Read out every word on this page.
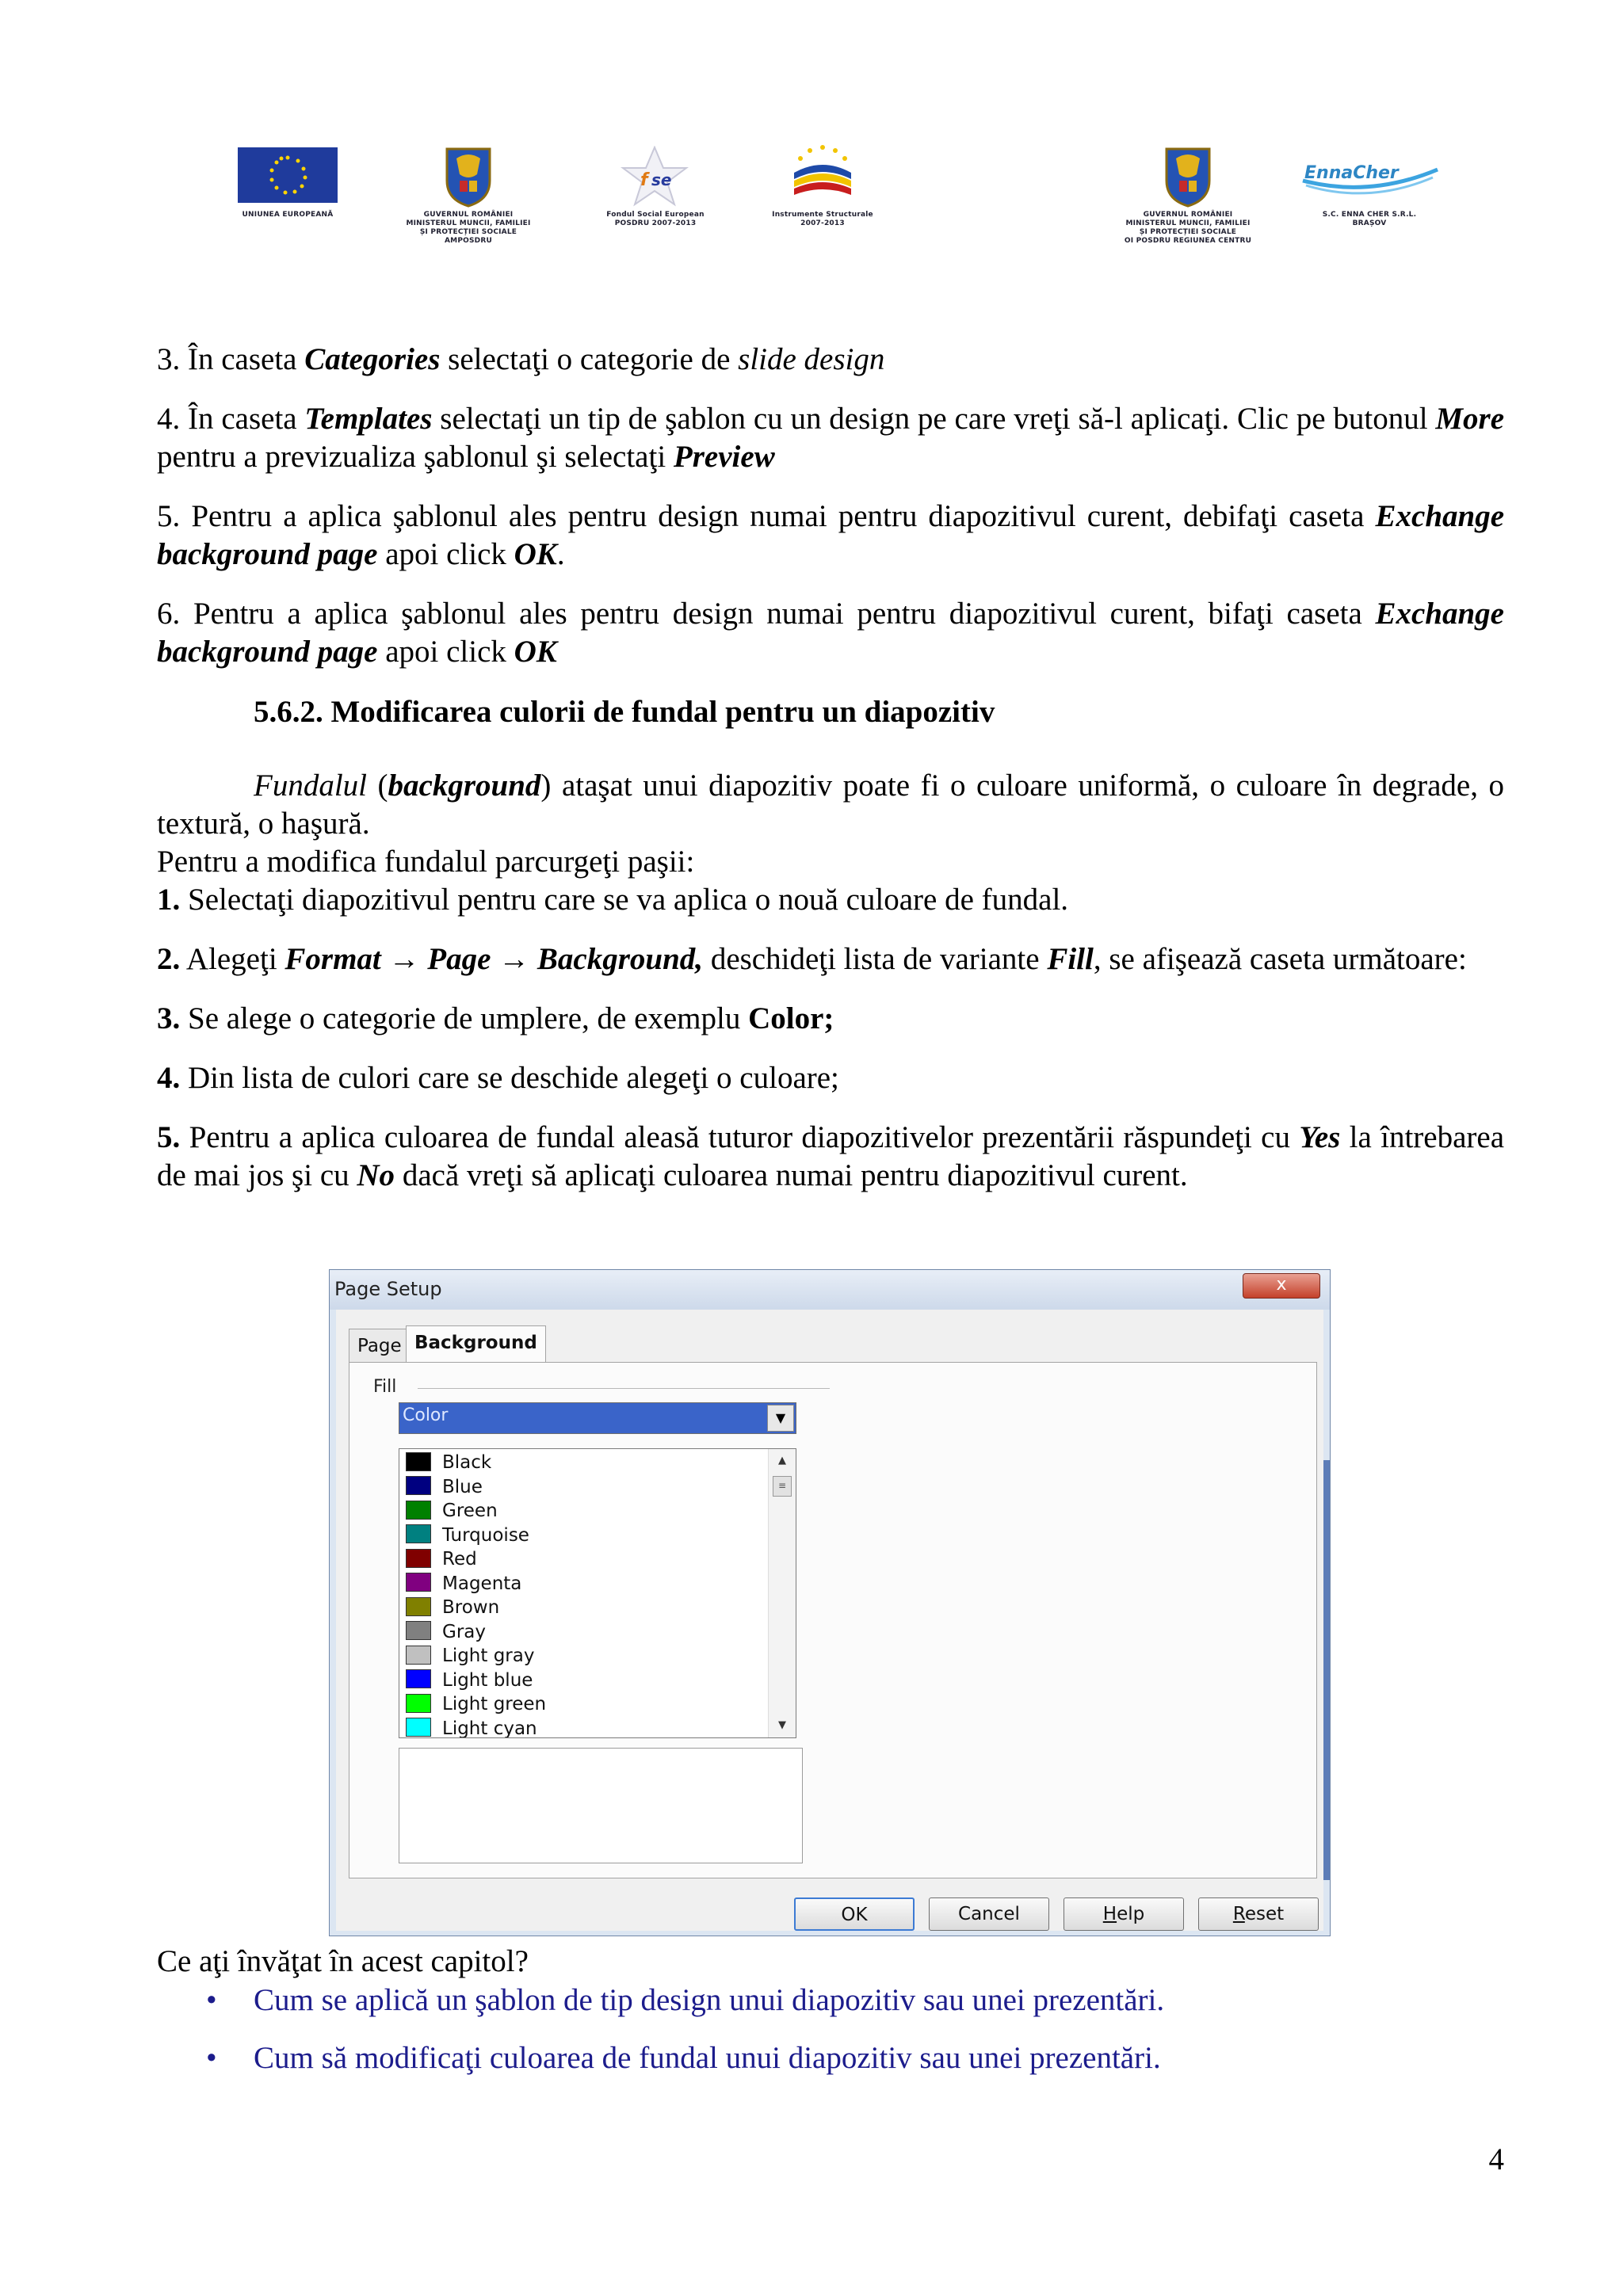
UNIUNEA EUROPEANĂ	GUVERNUL ROMÂNIEI
MINISTERUL MUNCII, FAMILIEI
ȘI PROTECȚIEI SOCIALE
AMPOSDRU
f se
Fondul Social European
POSDRU 2007-2013
Instrumente Structurale
2007-2013
GUVERNUL ROMÂNIEI
MINISTERUL MUNCII, FAMILIEI
ȘI PROTECȚIEI SOCIALE
OI POSDRU REGIUNEA CENTRU
EnnaCher
S.C. ENNA CHER S.R.L.
BRAȘOV

3. În caseta Categories selectaţi o categorie de slide design

4. În caseta Templates selectaţi un tip de şablon cu un design pe care vreţi să-l aplicaţi. Clic pe butonul More pentru a previzualiza şablonul şi selectaţi Preview

5. Pentru a aplica şablonul ales pentru design numai pentru diapozitivul curent, debifaţi caseta Exchange background page apoi click OK.

6. Pentru a aplica şablonul ales pentru design numai pentru diapozitivul curent, bifaţi caseta Exchange background page apoi click OK

5.6.2. Modificarea culorii de fundal pentru un diapozitiv

Fundalul (background) ataşat unui diapozitiv poate fi o culoare uniformă, o culoare în degrade, o textură, o haşură.

Pentru a modifica fundalul parcurgeţi paşii:

1. Selectaţi diapozitivul pentru care se va aplica o nouă culoare de fundal.

2. Alegeţi Format → Page → Background, deschideţi lista de variante Fill, se afişează caseta următoare:

3. Se alege o categorie de umplere, de exemplu Color;

4. Din lista de culori care se deschide alegeţi o culoare;

5. Pentru a aplica culoarea de fundal aleasă tuturor diapozitivelor prezentării răspundeţi cu Yes la întrebarea de mai jos şi cu No dacă vreţi să aplicaţi culoarea numai pentru diapozitivul curent.

Page Setup	x
Page Background
Fill
Color	▼
Black
Blue
Green
Turquoise
Red
Magenta
Brown
Gray
Light gray
Light blue
Light green
Light cyan
▲
≡
▼
OK	Cancel	Help	Reset

Ce aţi învăţat în acest capitol?

• Cum se aplică un şablon de tip design unui diapozitiv sau unei prezentări.
• Cum să modificaţi culoarea de fundal unui diapozitiv sau unei prezentări.
4
